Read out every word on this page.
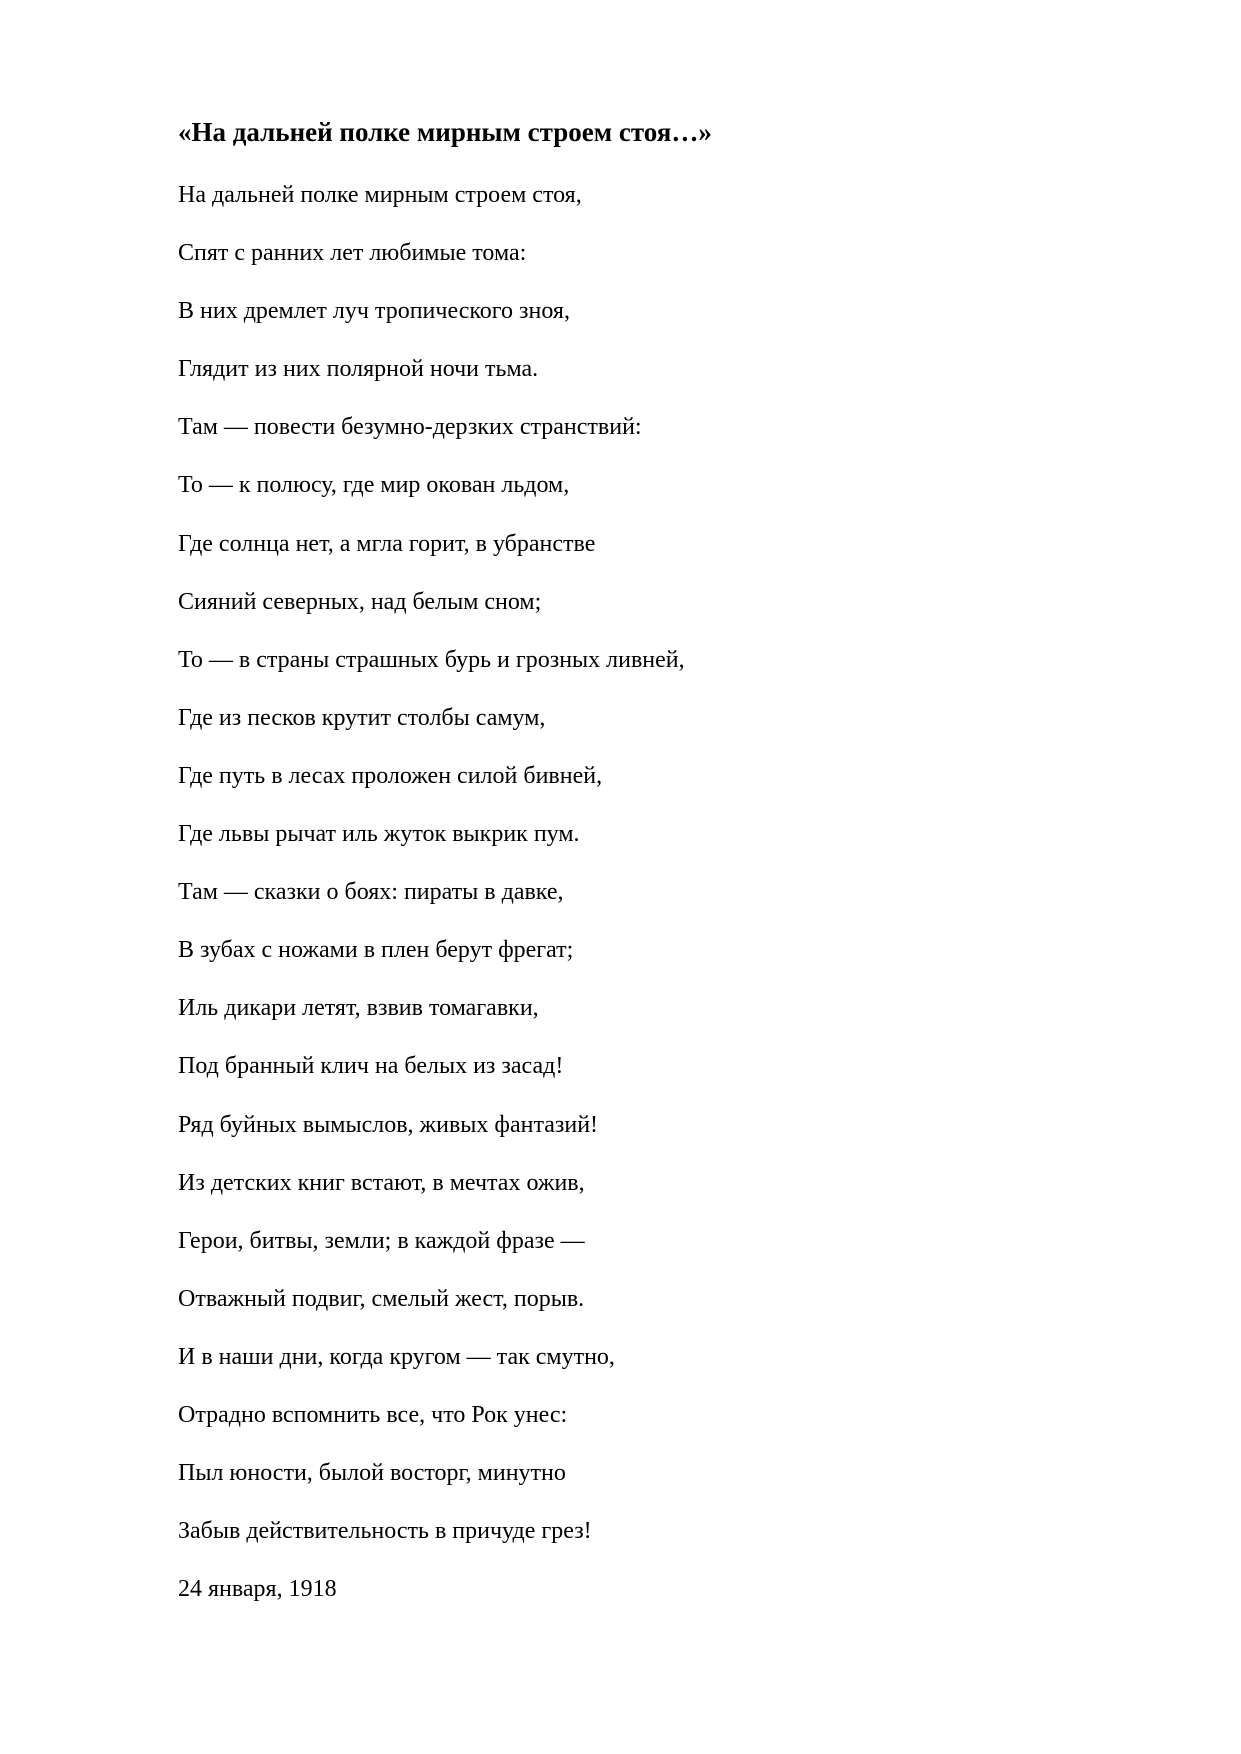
«На дальней полке мирным строем стоя…»
На дальней полке мирным строем стоя,
Спят с ранних лет любимые тома:
В них дремлет луч тропического зноя,
Глядит из них полярной ночи тьма.
Там — повести безумно-дерзких странствий:
То — к полюсу, где мир окован льдом,
Где солнца нет, а мгла горит, в убранстве
Сияний северных, над белым сном;
То — в страны страшных бурь и грозных ливней,
Где из песков крутит столбы самум,
Где путь в лесах проложен силой бивней,
Где львы рычат иль жуток выкрик пум.
Там — сказки о боях: пираты в давке,
В зубах с ножами в плен берут фрегат;
Иль дикари летят, взвив томагавки,
Под бранный клич на белых из засад!
Ряд буйных вымыслов, живых фантазий!
Из детских книг встают, в мечтах ожив,
Герои, битвы, земли; в каждой фразе —
Отважный подвиг, смелый жест, порыв.
И в наши дни, когда кругом — так смутно,
Отрадно вспомнить все, что Рок унес:
Пыл юности, былой восторг, минутно
Забыв действительность в причуде грез!

24 января, 1918
